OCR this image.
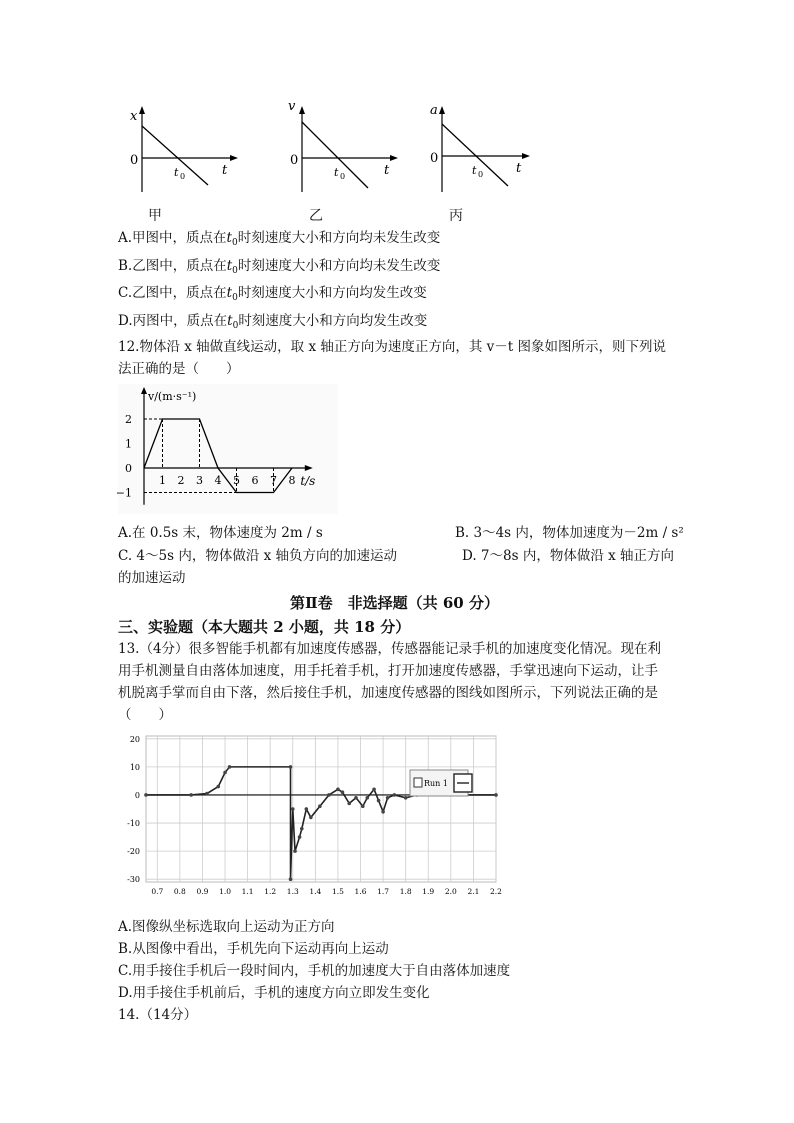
x
0
t 0	t
v
0
t 0	t
a
0
t 0	t
甲	乙	丙
A.甲图中，质点在$t_0$时刻速度大小和方向均未发生改变
B.乙图中，质点在$t_0$时刻速度大小和方向均未发生改变
C.乙图中，质点在$t_0$时刻速度大小和方向均发生改变
D.丙图中，质点在$t_0$时刻速度大小和方向均发生改变
12.物体沿 x 轴做直线运动，取 x 轴正方向为速度正方向，其 v－t 图象如图所示，则下列说
法正确的是（　　）
2
1
0
−1
1 2 3 4 5 6 7 8
v/(m·s⁻¹)
t/s
A.在 0.5s 末，物体速度为 2m / s	B. 3～4s 内，物体加速度为－2m / s²
C. 4～5s 内，物体做沿 x 轴负方向的加速运动	D. 7～8s 内，物体做沿 x 轴正方向
的加速运动
第Ⅱ卷　非选择题（共 60 分）
三、实验题（本大题共 2 小题，共 18 分）
13.（4分）很多智能手机都有加速度传感器，传感器能记录手机的加速度变化情况。现在利
用手机测量自由落体加速度，用手托着手机，打开加速度传感器，手掌迅速向下运动，让手
机脱离手掌而自由下落，然后接住手机，加速度传感器的图线如图所示，下列说法正确的是
（　　）
20
10
0
-10
-20
-30
0.7 0.8 0.9 1.0 1.1 1.2 1.3 1.4 1.5 1.6 1.7 1.8 1.9 2.0 2.1 2.2
Run 1
A.图像纵坐标选取向上运动为正方向
B.从图像中看出，手机先向下运动再向上运动
C.用手接住手机后一段时间内，手机的加速度大于自由落体加速度
D.用手接住手机前后，手机的速度方向立即发生变化
14.（14分）
